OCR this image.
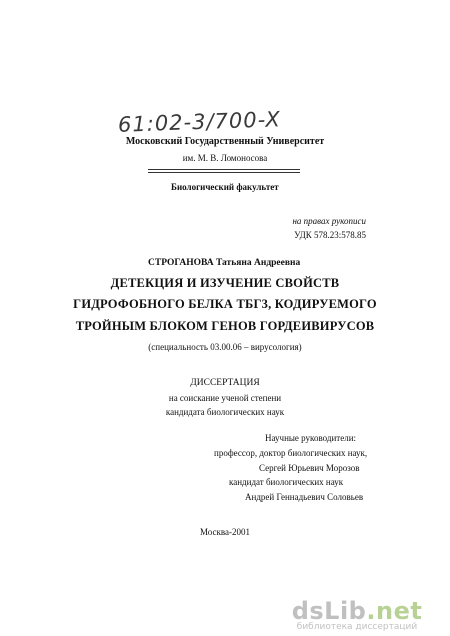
61:02-3/700-X
Московский Государственный Университет
им. М. В. Ломоносова
Биологический факультет
на правах рукописи
УДК 578.23:578.85
СТРОГАНОВА Татьяна Андреевна
ДЕТЕКЦИЯ И ИЗУЧЕНИЕ СВОЙСТВ
ГИДРОФОБНОГО БЕЛКА ТБГ3, КОДИРУЕМОГО
ТРОЙНЫМ БЛОКОМ ГЕНОВ ГОРДЕИВИРУСОВ
(специальность 03.00.06 – вирусология)
ДИССЕРТАЦИЯ
на соискание ученой степени
кандидата биологических наук
Научные руководители:
профессор, доктор биологических наук,
Сергей Юрьевич Морозов
кандидат биологических наук
Андрей Геннадьевич Соловьев
Москва-2001
dsLib.net
библиотека диссертаций
